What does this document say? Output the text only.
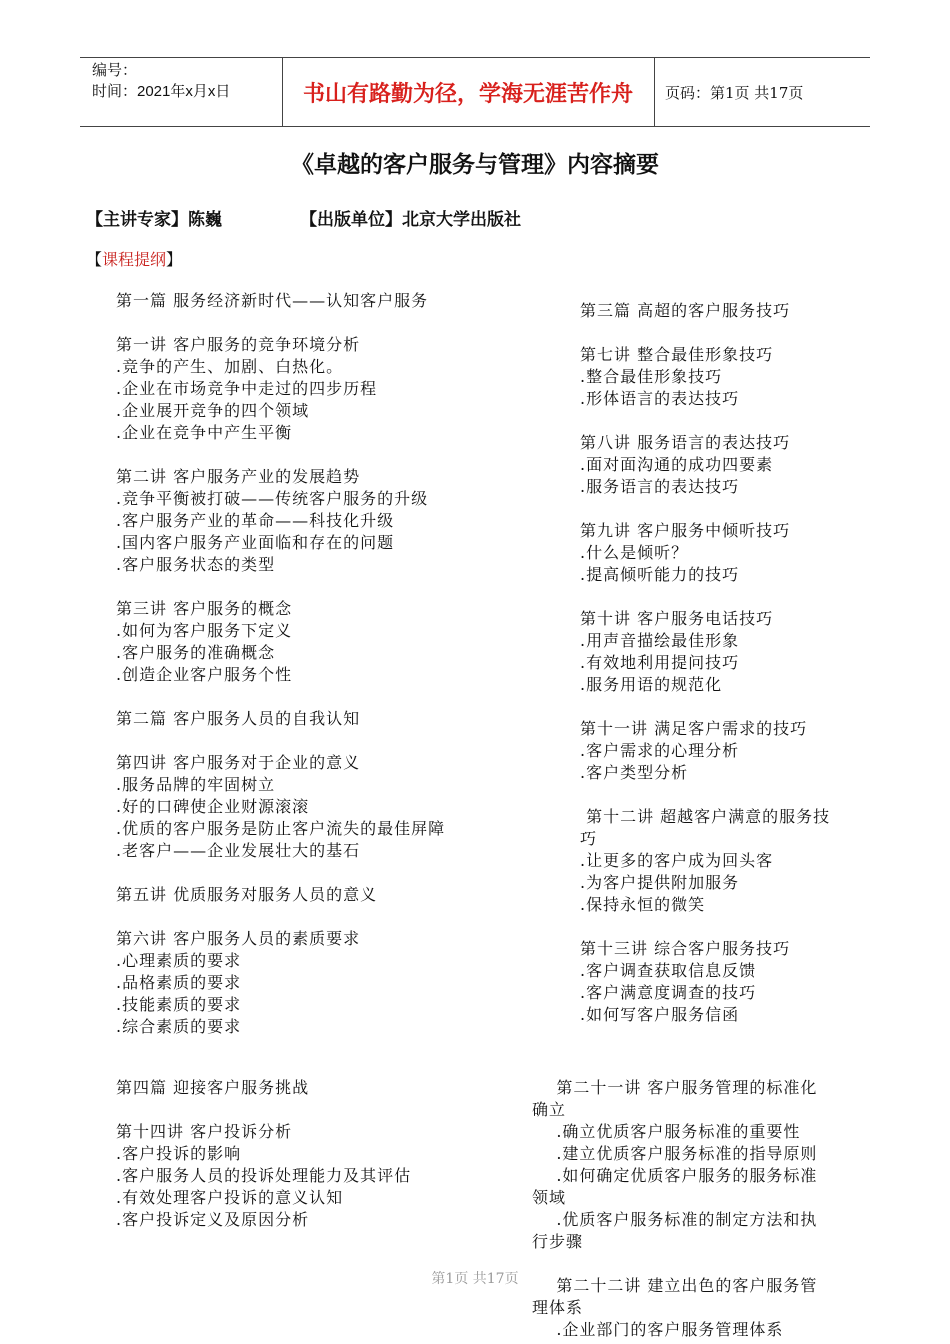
编号：
时间：2021年x月x日	书山有路勤为径，学海无涯苦作舟	页码：第1页 共17页
《卓越的客户服务与管理》内容摘要
【主讲专家】陈巍	【出版单位】北京大学出版社
【课程提纲】

第一篇 服务经济新时代——认知客户服务

第一讲 客户服务的竞争环境分析

.竞争的产生、加剧、白热化。

.企业在市场竞争中走过的四步历程

.企业展开竞争的四个领域

.企业在竞争中产生平衡

第二讲 客户服务产业的发展趋势

.竞争平衡被打破——传统客户服务的升级

.客户服务产业的革命——科技化升级

.国内客户服务产业面临和存在的问题

.客户服务状态的类型

第三讲 客户服务的概念

.如何为客户服务下定义

.客户服务的准确概念

.创造企业客户服务个性

第二篇 客户服务人员的自我认知

第四讲 客户服务对于企业的意义

.服务品牌的牢固树立

.好的口碑使企业财源滚滚

.优质的客户服务是防止客户流失的最佳屏障

.老客户——企业发展壮大的基石

第五讲 优质服务对服务人员的意义

第六讲 客户服务人员的素质要求

.心理素质的要求

.品格素质的要求

.技能素质的要求

.综合素质的要求

第三篇 高超的客户服务技巧

第七讲 整合最佳形象技巧

.整合最佳形象技巧

.形体语言的表达技巧

第八讲 服务语言的表达技巧

.面对面沟通的成功四要素

.服务语言的表达技巧

第九讲 客户服务中倾听技巧

.什么是倾听？

.提高倾听能力的技巧

第十讲 客户服务电话技巧

.用声音描绘最佳形象

.有效地利用提问技巧

.服务用语的规范化

第十一讲 满足客户需求的技巧

.客户需求的心理分析

.客户类型分析

第十二讲 超越客户满意的服务技

巧

.让更多的客户成为回头客

.为客户提供附加服务

.保持永恒的微笑

第十三讲 综合客户服务技巧

.客户调查获取信息反馈

.客户满意度调查的技巧

.如何写客户服务信函

第四篇 迎接客户服务挑战

第十四讲 客户投诉分析

.客户投诉的影响

.客户服务人员的投诉处理能力及其评估

.有效处理客户投诉的意义认知

.客户投诉定义及原因分析

第二十一讲 客户服务管理的标准化

确立

.确立优质客户服务标准的重要性

.建立优质客户服务标准的指导原则

.如何确定优质客户服务的服务标准

领域

.优质客户服务标准的制定方法和执

行步骤

第二十二讲 建立出色的客户服务管

理体系

.企业部门的客户服务管理体系

第1页 共17页
